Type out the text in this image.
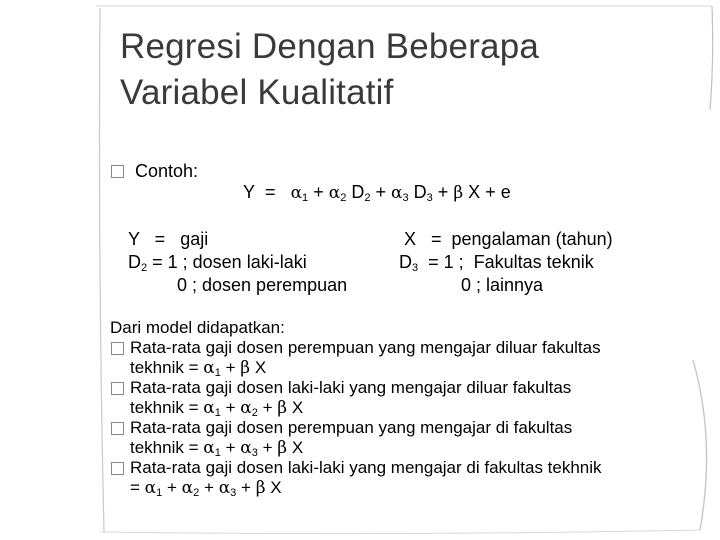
Regresi Dengan Beberapa
Variabel Kualitatif
Contoh:
$Y = \alpha_1 + \alpha_2$ $D_2 + \alpha_3$ $D_3 + \beta$ X + e
Y   =   gaji
$D_2 = 1$ ; dosen laki-laki
0 ; dosen perempuan
X   =  pengalaman (tahun)
$D_3 = 1$ ;  Fakultas teknik
0 ; lainnya
Dari model didapatkan:
Rata-rata gaji dosen perempuan yang mengajar diluar fakultas
tekhnik = $\alpha_1 + \beta$ X
Rata-rata gaji dosen laki-laki yang mengajar diluar fakultas
tekhnik = $\alpha_1 + \alpha_2 + \beta$ X
Rata-rata gaji dosen perempuan yang mengajar di fakultas
tekhnik = $\alpha_1 + \alpha_3 + \beta$ X
Rata-rata gaji dosen laki-laki yang mengajar di fakultas tekhnik
= $\alpha_1 + \alpha_2 + \alpha_3 + \beta$ X
